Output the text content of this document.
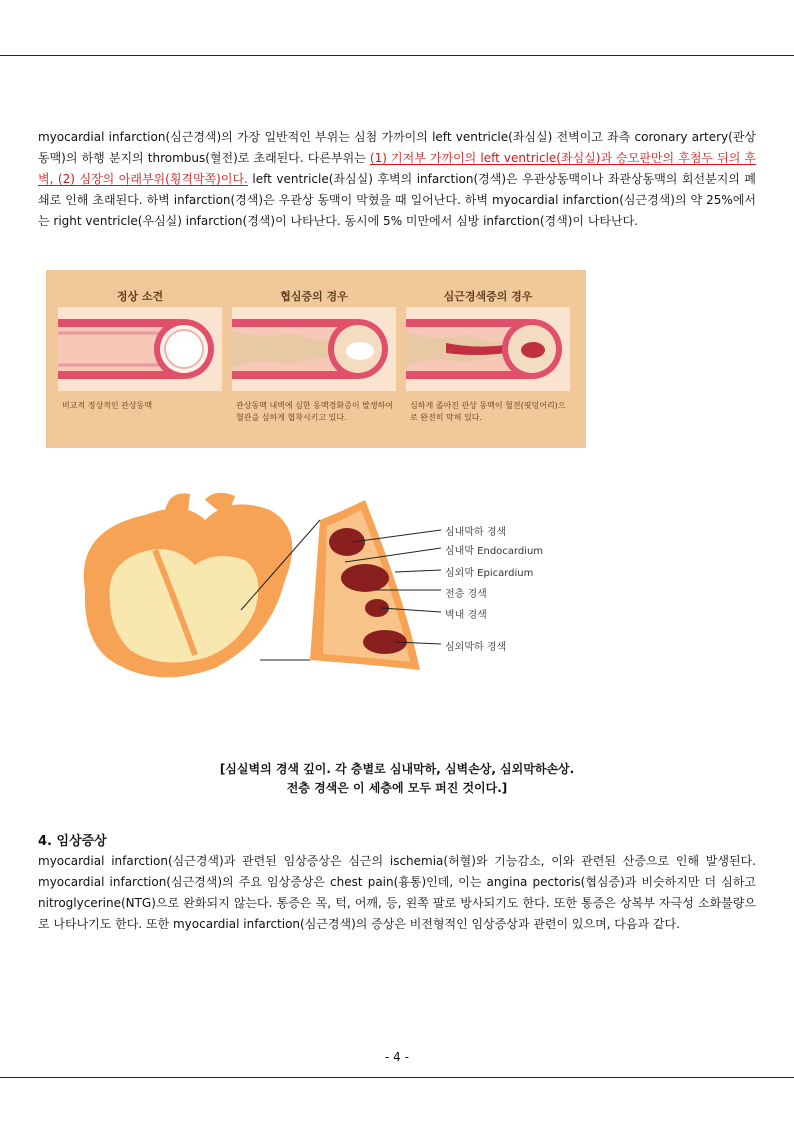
myocardial infarction(심근경색)의 가장 일반적인 부위는 심첨 가까이의 left ventricle(좌심실) 전벽이고 좌측 coronary artery(관상동맥)의 하행 분지의 thrombus(혈전)로 초래된다. 다른부위는 (1) 기저부 가까이의 left ventricle(좌심실)과 승모판만의 후첨두 뒤의 후벽, (2) 심장의 아래부위(횡격막쪽)이다. left ventricle(좌심실) 후벽의 infarction(경색)은 우관상동맥이나 좌관상동맥의 회선분지의 폐쇄로 인해 초래된다. 하벽 infarction(경색)은 우관상 동맥이 막혔을 때 일어난다. 하벽 myocardial infarction(심근경색)의 약 25%에서는 right ventricle(우심실) infarction(경색)이 나타난다. 동시에 5% 미만에서 심방 infarction(경색)이 나타난다.

정상 소견
비교적 정상적인 관상동맥
협심증의 경우
관상동맥 내벽에 심한 동맥경화증이 발생하여 혈관을 심하게 협착시키고 있다.
심근경색증의 경우
심하게 좁아진 관상 동맥이 혈전(핏덩어리)으로 완전히 막혀 있다.
심내막하 경색
심내막 Endocardium
심외막 Epicardium
전층 경색
벽내 경색
심외막하 경색
[심실벽의 경색 깊이. 각 층별로 심내막하, 심벽손상, 심외막하손상.
전층 경색은 이 세층에 모두 퍼진 것이다.]
4. 임상증상

myocardial infarction(심근경색)과 관련된 임상증상은 심근의 ischemia(허혈)와 기능감소, 이와 관련된 산증으로 인해 발생된다. myocardial infarction(심근경색)의 주요 임상증상은 chest pain(흉통)인데, 이는 angina pectoris(협심증)과 비슷하지만 더 심하고 nitroglycerine(NTG)으로 완화되지 않는다. 통증은 목, 턱, 어깨, 등, 왼쪽 팔로 방사되기도 한다. 또한 통증은 상복부 자극성 소화불량으로 나타나기도 한다. 또한 myocardial infarction(심근경색)의 증상은 비전형적인 임상증상과 관련이 있으며, 다음과 같다.

- 4 -
